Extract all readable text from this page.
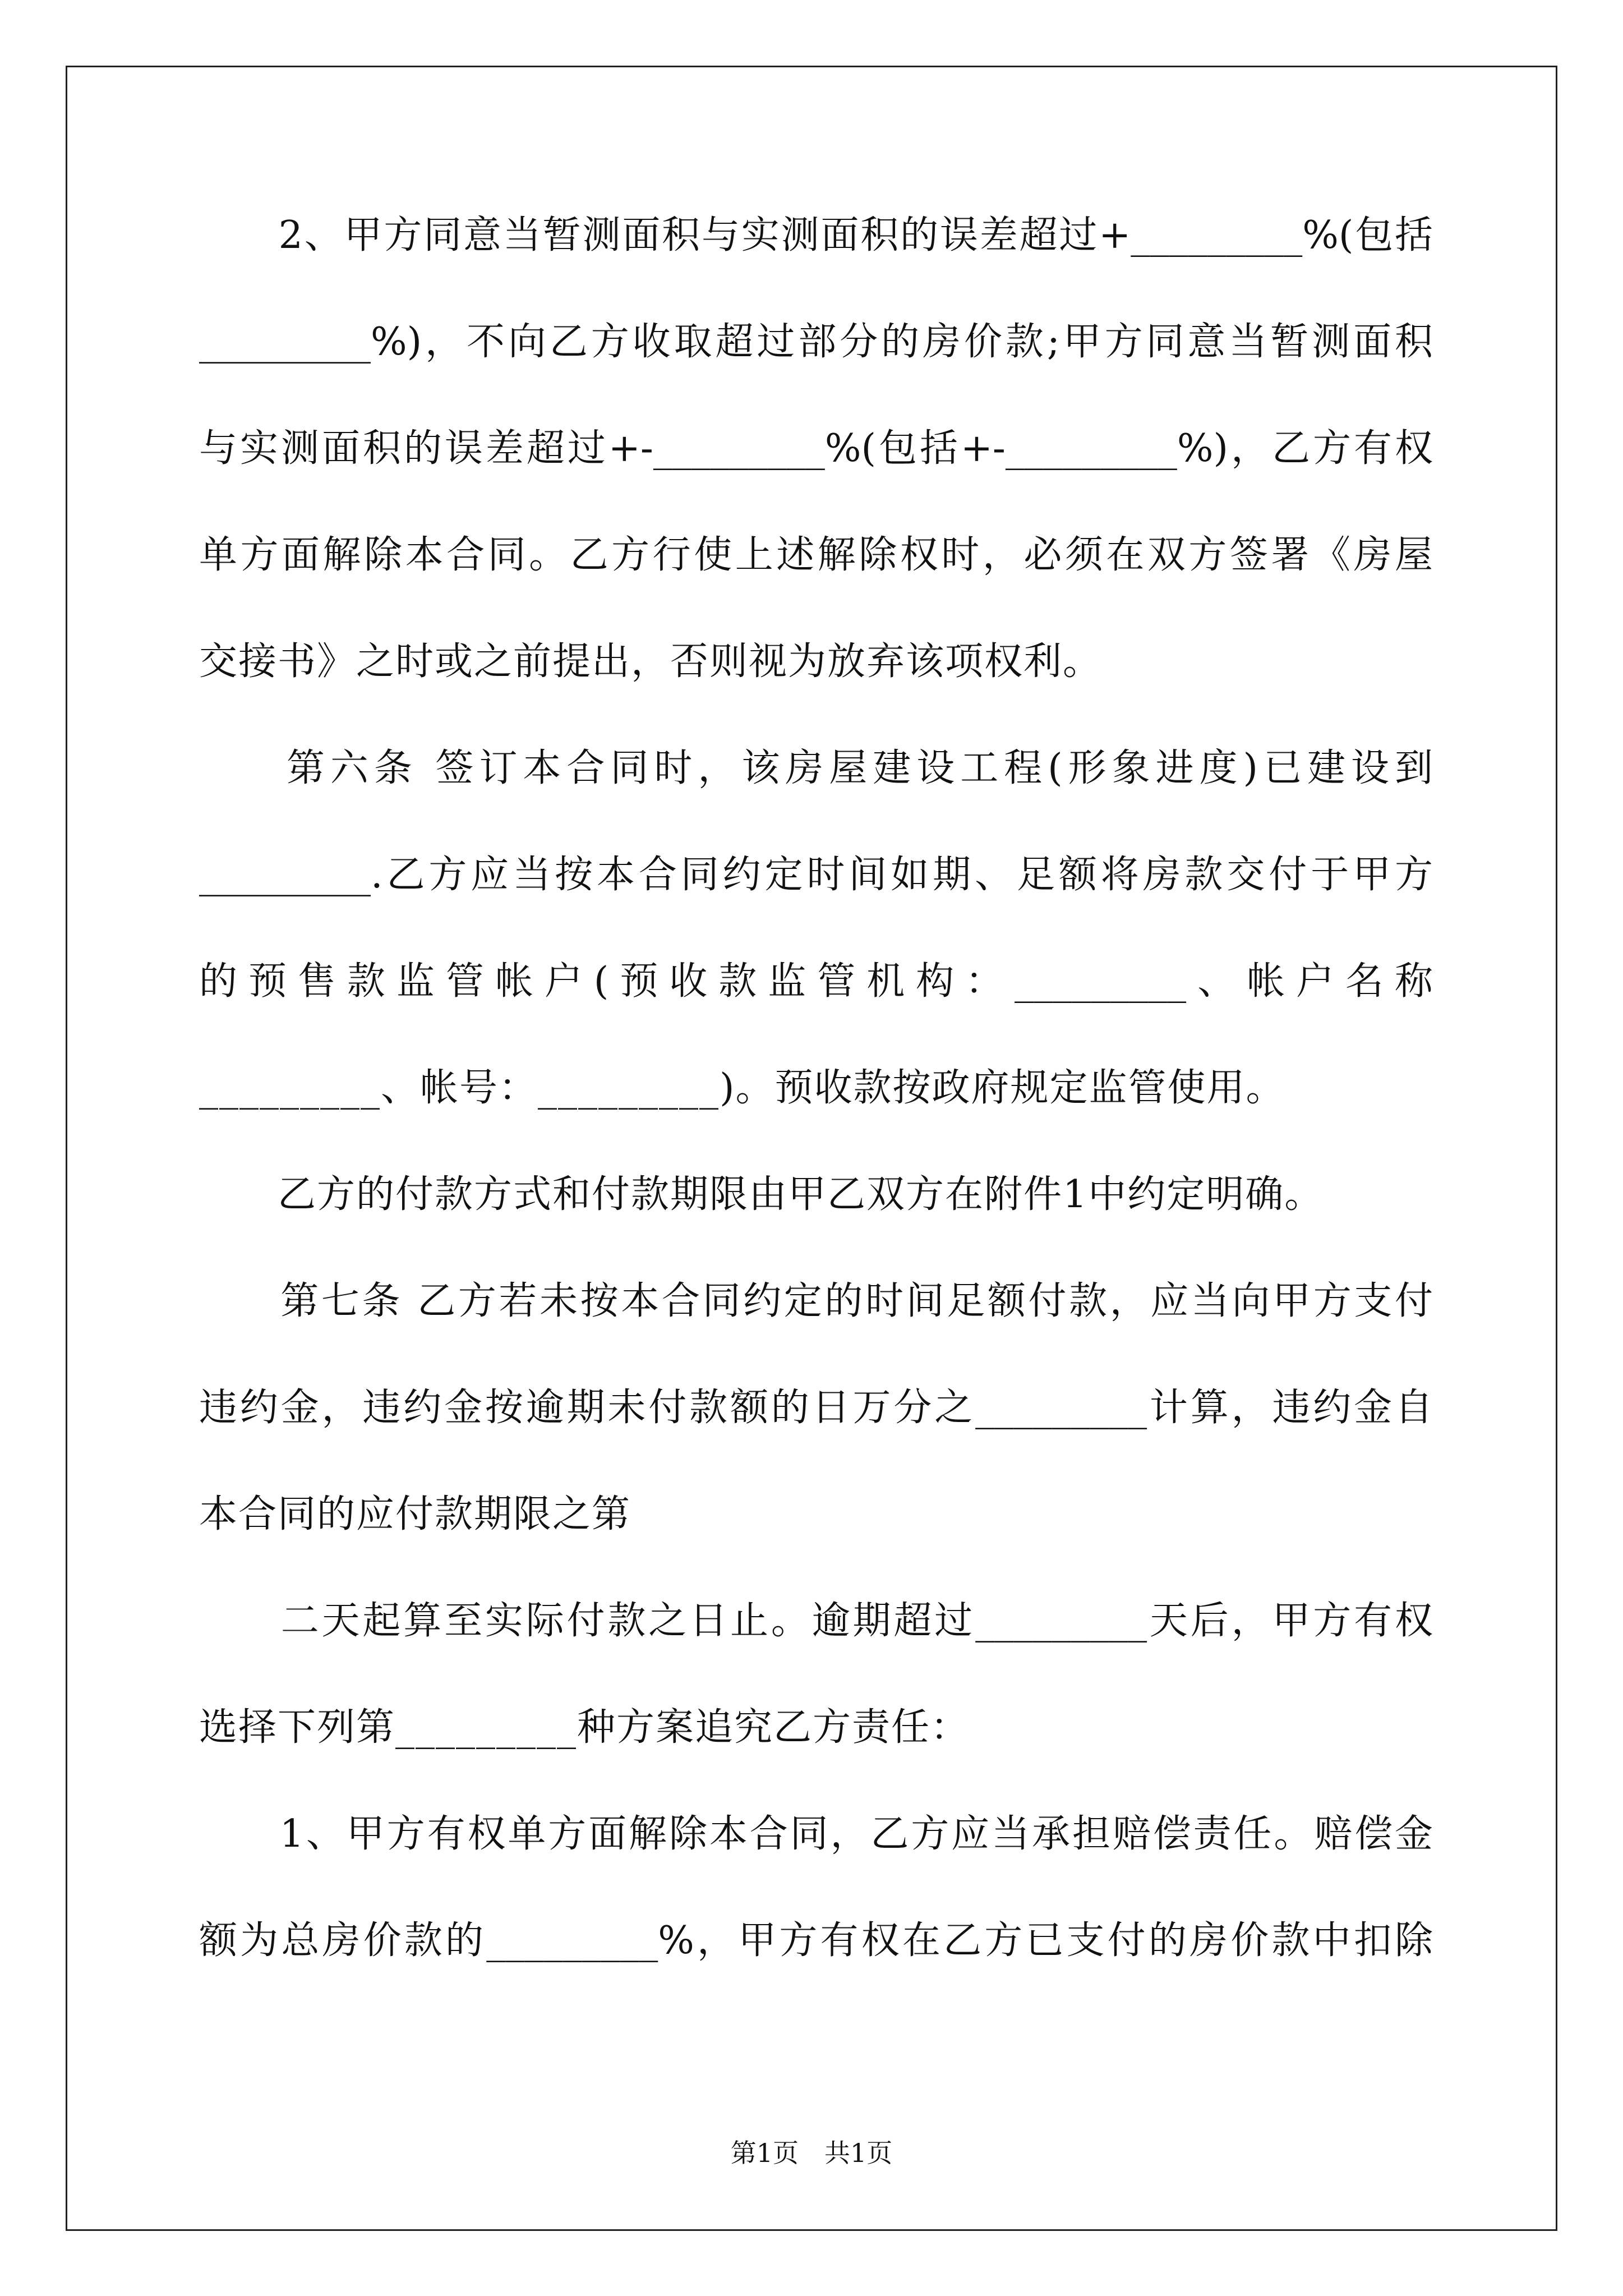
　　2、甲方同意当暂测面积与实测面积的误差超过+_________%(包括
_________%)，不向乙方收取超过部分的房价款;甲方同意当暂测面积
与实测面积的误差超过+-_________%(包括+-_________%)，乙方有权
单方面解除本合同。乙方行使上述解除权时，必须在双方签署《房屋
交接书》之时或之前提出，否则视为放弃该项权利。
　　第六条 签订本合同时，该房屋建设工程(形象进度)已建设到
_________.乙方应当按本合同约定时间如期、足额将房款交付于甲方
的预售款监管帐户(预收款监管机构：_________、帐户名称
_________、帐号：_________)。预收款按政府规定监管使用。
　　乙方的付款方式和付款期限由甲乙双方在附件1中约定明确。
　　第七条 乙方若未按本合同约定的时间足额付款，应当向甲方支付
违约金，违约金按逾期未付款额的日万分之_________计算，违约金自
本合同的应付款期限之第
　　二天起算至实际付款之日止。逾期超过_________天后，甲方有权
选择下列第_________种方案追究乙方责任：
　　1、甲方有权单方面解除本合同，乙方应当承担赔偿责任。赔偿金
额为总房价款的_________%，甲方有权在乙方已支付的房价款中扣除
第1页　共1页
